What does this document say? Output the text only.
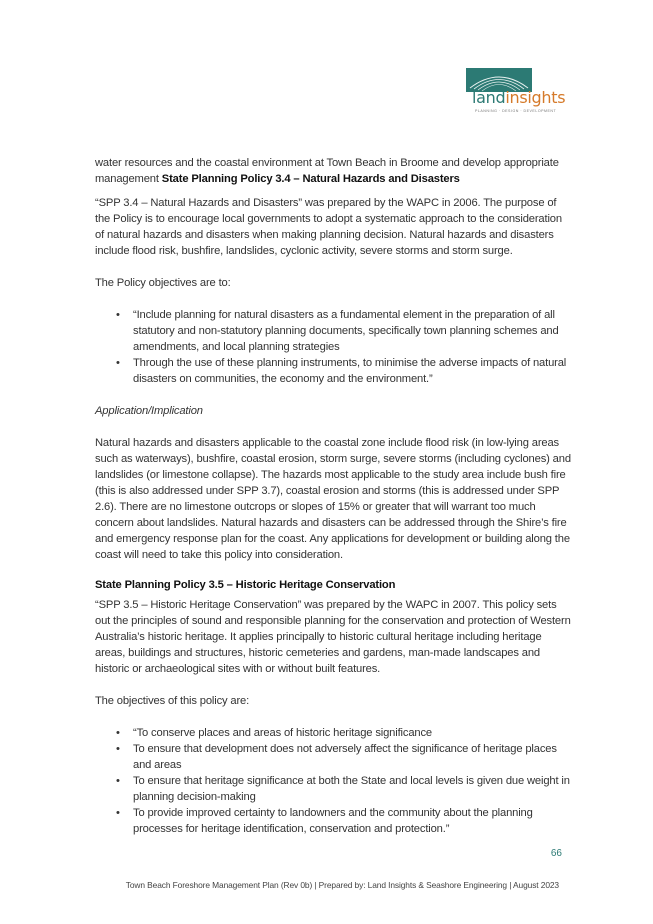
landinsights
PLANNING · DESIGN · DEVELOPMENT

water resources and the coastal environment at Town Beach in Broome and develop appropriate management State Planning Policy 3.4 – Natural Hazards and Disasters

“SPP 3.4 – Natural Hazards and Disasters” was prepared by the WAPC in 2006. The purpose of the Policy is to encourage local governments to adopt a systematic approach to the consideration of natural hazards and disasters when making planning decision. Natural hazards and disasters include flood risk, bushfire, landslides, cyclonic activity, severe storms and storm surge.

The Policy objectives are to:

• “Include planning for natural disasters as a fundamental element in the preparation of all statutory and non-statutory planning documents, specifically town planning schemes and amendments, and local planning strategies
• Through the use of these planning instruments, to minimise the adverse impacts of natural disasters on communities, the economy and the environment.”

Application/Implication

Natural hazards and disasters applicable to the coastal zone include flood risk (in low-lying areas such as waterways), bushfire, coastal erosion, storm surge, severe storms (including cyclones) and landslides (or limestone collapse). The hazards most applicable to the study area include bush fire (this is also addressed under SPP 3.7), coastal erosion and storms (this is addressed under SPP 2.6). There are no limestone outcrops or slopes of 15% or greater that will warrant too much concern about landslides. Natural hazards and disasters can be addressed through the Shire’s fire and emergency response plan for the coast. Any applications for development or building along the coast will need to take this policy into consideration.

State Planning Policy 3.5 – Historic Heritage Conservation

“SPP 3.5 – Historic Heritage Conservation” was prepared by the WAPC in 2007. This policy sets out the principles of sound and responsible planning for the conservation and protection of Western Australia’s historic heritage. It applies principally to historic cultural heritage including heritage areas, buildings and structures, historic cemeteries and gardens, man-made landscapes and historic or archaeological sites with or without built features.

The objectives of this policy are:

• “To conserve places and areas of historic heritage significance
• To ensure that development does not adversely affect the significance of heritage places and areas
• To ensure that heritage significance at both the State and local levels is given due weight in planning decision-making
• To provide improved certainty to landowners and the community about the planning processes for heritage identification, conservation and protection.”
66
Town Beach Foreshore Management Plan (Rev 0b) | Prepared by: Land Insights & Seashore Engineering | August 2023
